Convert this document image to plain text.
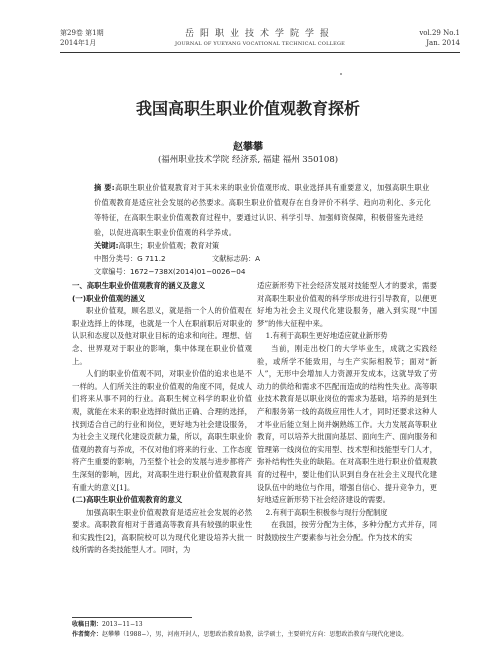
第29卷 第1期
2014年1月
岳阳职业技术学院学报
JOURNAL OF YUEYANG VOCATIONAL TECHNICAL COLLEGE
vol.29 No.1
Jan. 2014
我国高职生职业价值观教育探析
赵攀攀
(福州职业技术学院 经济系, 福建 福州 350108)
摘 要:高职生职业价值观教育对于其未来的职业价值观形成、职业选择具有重要意义，加强高职生职业价值观教育是适应社会发展的必然要求。高职生职业价值观存在自身评价不科学、趋向功利化、多元化等特征，在高职生职业价值观教育过程中，要通过认识、科学引导、加强师资保障，积极借鉴先进经验，以促进高职生职业价值观的科学养成。
关键词:高职生；职业价值观；教育对策
中图分类号：G 711.2	文献标志码：A文章编号：1672−738X(2014)01−0026−04
一、高职生职业价值观教育的涵义及意义
(一)职业价值观的涵义

职业价值观，顾名思义，就是指一个人的价值观在职业选择上的体现，也就是一个人在职前职后对职业的认识和态度以及他对职业目标的追求和向往。理想、信念、世界观对于职业的影响，集中体现在职业价值观上。

人们的职业价值观不同，对职业价值的追求也是不一样的。人们所关注的职业价值观的角度不同，促成人们将来从事不同的行业。高职生树立科学的职业价值观，就能在未来的职业选择时做出正确、合理的选择，找到适合自己的行业和岗位，更好地为社会建设服务，为社会主义现代化建设贡献力量，所以，高职生职业价值观的教育与养成，不仅对他们将来的行业、工作态度将产生重要的影响，乃至整个社会的发展与进步都将产生深刻的影响，因此，对高职生进行职业价值观教育具有重大的意义[1]。

(二)高职生职业价值观教育的意义

加强高职生职业价值观教育是适应社会发展的必然要求。高职教育相对于普通高等教育具有较强的职业性和实践性[2]，高职院校可以为现代化建设培养大批一线所需的各类技能型人才。同时，为

适应新形势下社会经济发展对技能型人才的要求，需要对高职生职业价值观的科学形成进行引导教育，以便更好地为社会主义现代化建设服务，融入到实现“中国梦”的伟大征程中来。

1.有利于高职生更好地适应就业新形势

当前，刚走出校门的大学毕业生，成就之实践经验，或所学不能致用，与生产实际相脱节；面对“新人”，无形中会增加人力资源开发成本，这就导致了劳动力的供给和需求不匹配而造成的结构性失业。高等职业技术教育是以职业岗位的需求为基础，培养的是到生产和服务第一线的高级应用性人才，同时还要求这种人才毕业后能立刻上岗并娴熟练工作。大力发展高等职业教育，可以培养大批面向基层、面向生产、面向服务和管理第一线岗位的实用型、技术型和技能型专门人才，弥补结构性失业的缺陷。在对高职生进行职业价值观教育的过程中，要让他们认识到自身在社会主义现代化建设队伍中的地位与作用，增强自信心、提升竞争力，更好地适应新形势下社会经济建设的需要。

2.有利于高职生积极参与现行分配制度

在我国，按劳分配为主体，多种分配方式并存，同时鼓励按生产要素参与社会分配。作为技术的实

收稿日期：2013−11−13
作者简介：赵攀攀（1988−），男，河南开封人，思想政治教育助教，法学硕士，主要研究方向：思想政治教育与现代化建设。
